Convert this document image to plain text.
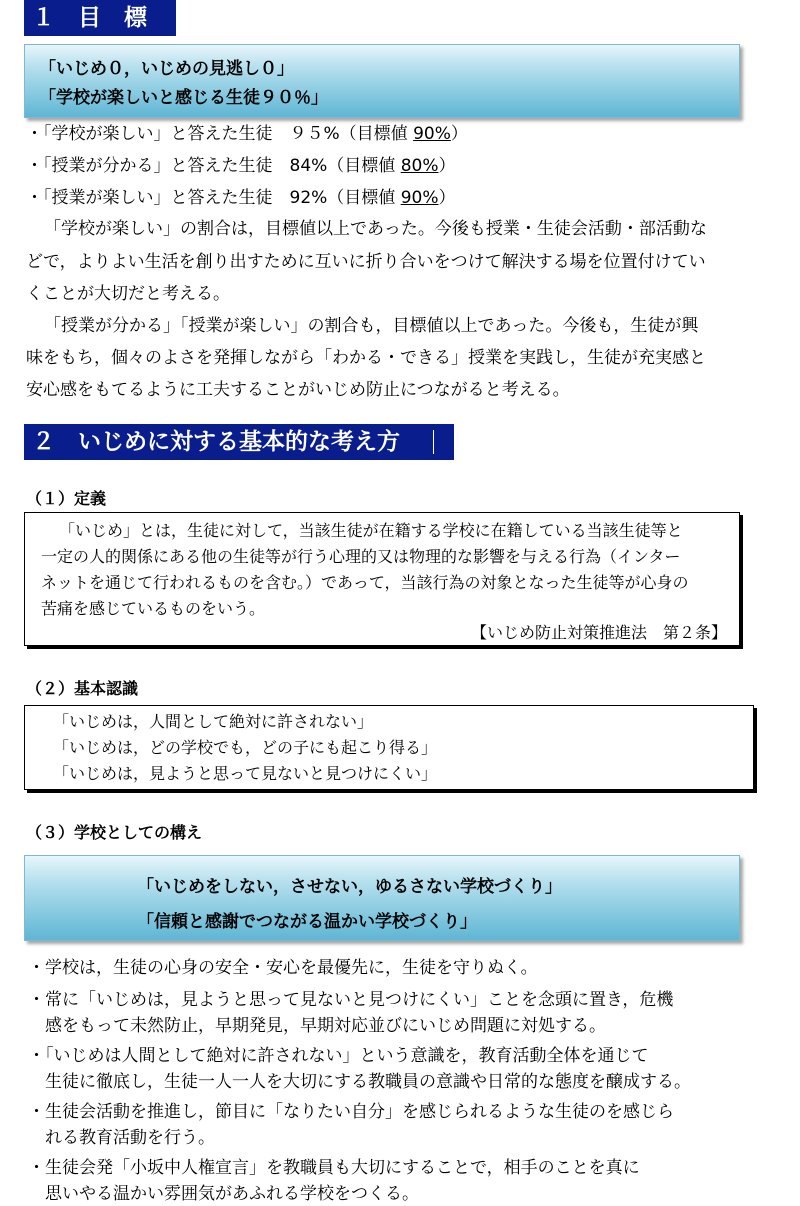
１　目　標
「いじめ０，いじめの見逃し０」
「学校が楽しいと感じる生徒９０％」
・「学校が楽しい」と答えた生徒　９５%（目標値 90%）
・「授業が分かる」と答えた生徒　84%（目標値 80%）
・「授業が楽しい」と答えた生徒　92%（目標値 90%）
「学校が楽しい」の割合は，目標値以上であった。今後も授業・生徒会活動・部活動な
どで，よりよい生活を創り出すために互いに折り合いをつけて解決する場を位置付けてい
くことが大切だと考える。
「授業が分かる」「授業が楽しい」の割合も，目標値以上であった。今後も，生徒が興
味をもち，個々のよさを発揮しながら「わかる・できる」授業を実践し，生徒が充実感と
安心感をもてるように工夫することがいじめ防止につながると考える。
２　いじめに対する基本的な考え方
（１）定義
「いじめ」とは，生徒に対して，当該生徒が在籍する学校に在籍している当該生徒等と
一定の人的関係にある他の生徒等が行う心理的又は物理的な影響を与える行為（インター
ネットを通じて行われるものを含む。）であって，当該行為の対象となった生徒等が心身の
苦痛を感じているものをいう。
【いじめ防止対策推進法　第２条】
（２）基本認識
「いじめは，人間として絶対に許されない」
「いじめは，どの学校でも，どの子にも起こり得る」
「いじめは，見ようと思って見ないと見つけにくい」
（３）学校としての構え
「いじめをしない，させない，ゆるさない学校づくり」
「信頼と感謝でつながる温かい学校づくり」
・学校は，生徒の心身の安全・安心を最優先に，生徒を守りぬく。
・常に「いじめは，見ようと思って見ないと見つけにくい」ことを念頭に置き，危機
　感をもって未然防止，早期発見，早期対応並びにいじめ問題に対処する。
・「いじめは人間として絶対に許されない」という意識を，教育活動全体を通じて
　生徒に徹底し，生徒一人一人を大切にする教職員の意識や日常的な態度を醸成する。
・生徒会活動を推進し，節目に「なりたい自分」を感じられるような生徒のを感じら
　れる教育活動を行う。
・生徒会発「小坂中人権宣言」を教職員も大切にすることで，相手のことを真に
　思いやる温かい雰囲気があふれる学校をつくる。
